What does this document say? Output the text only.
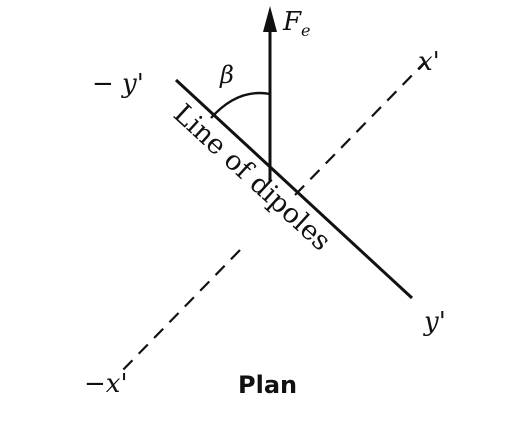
$F_e$
β
− y'
x'
y'
−x'
Line of dipoles
Plan
